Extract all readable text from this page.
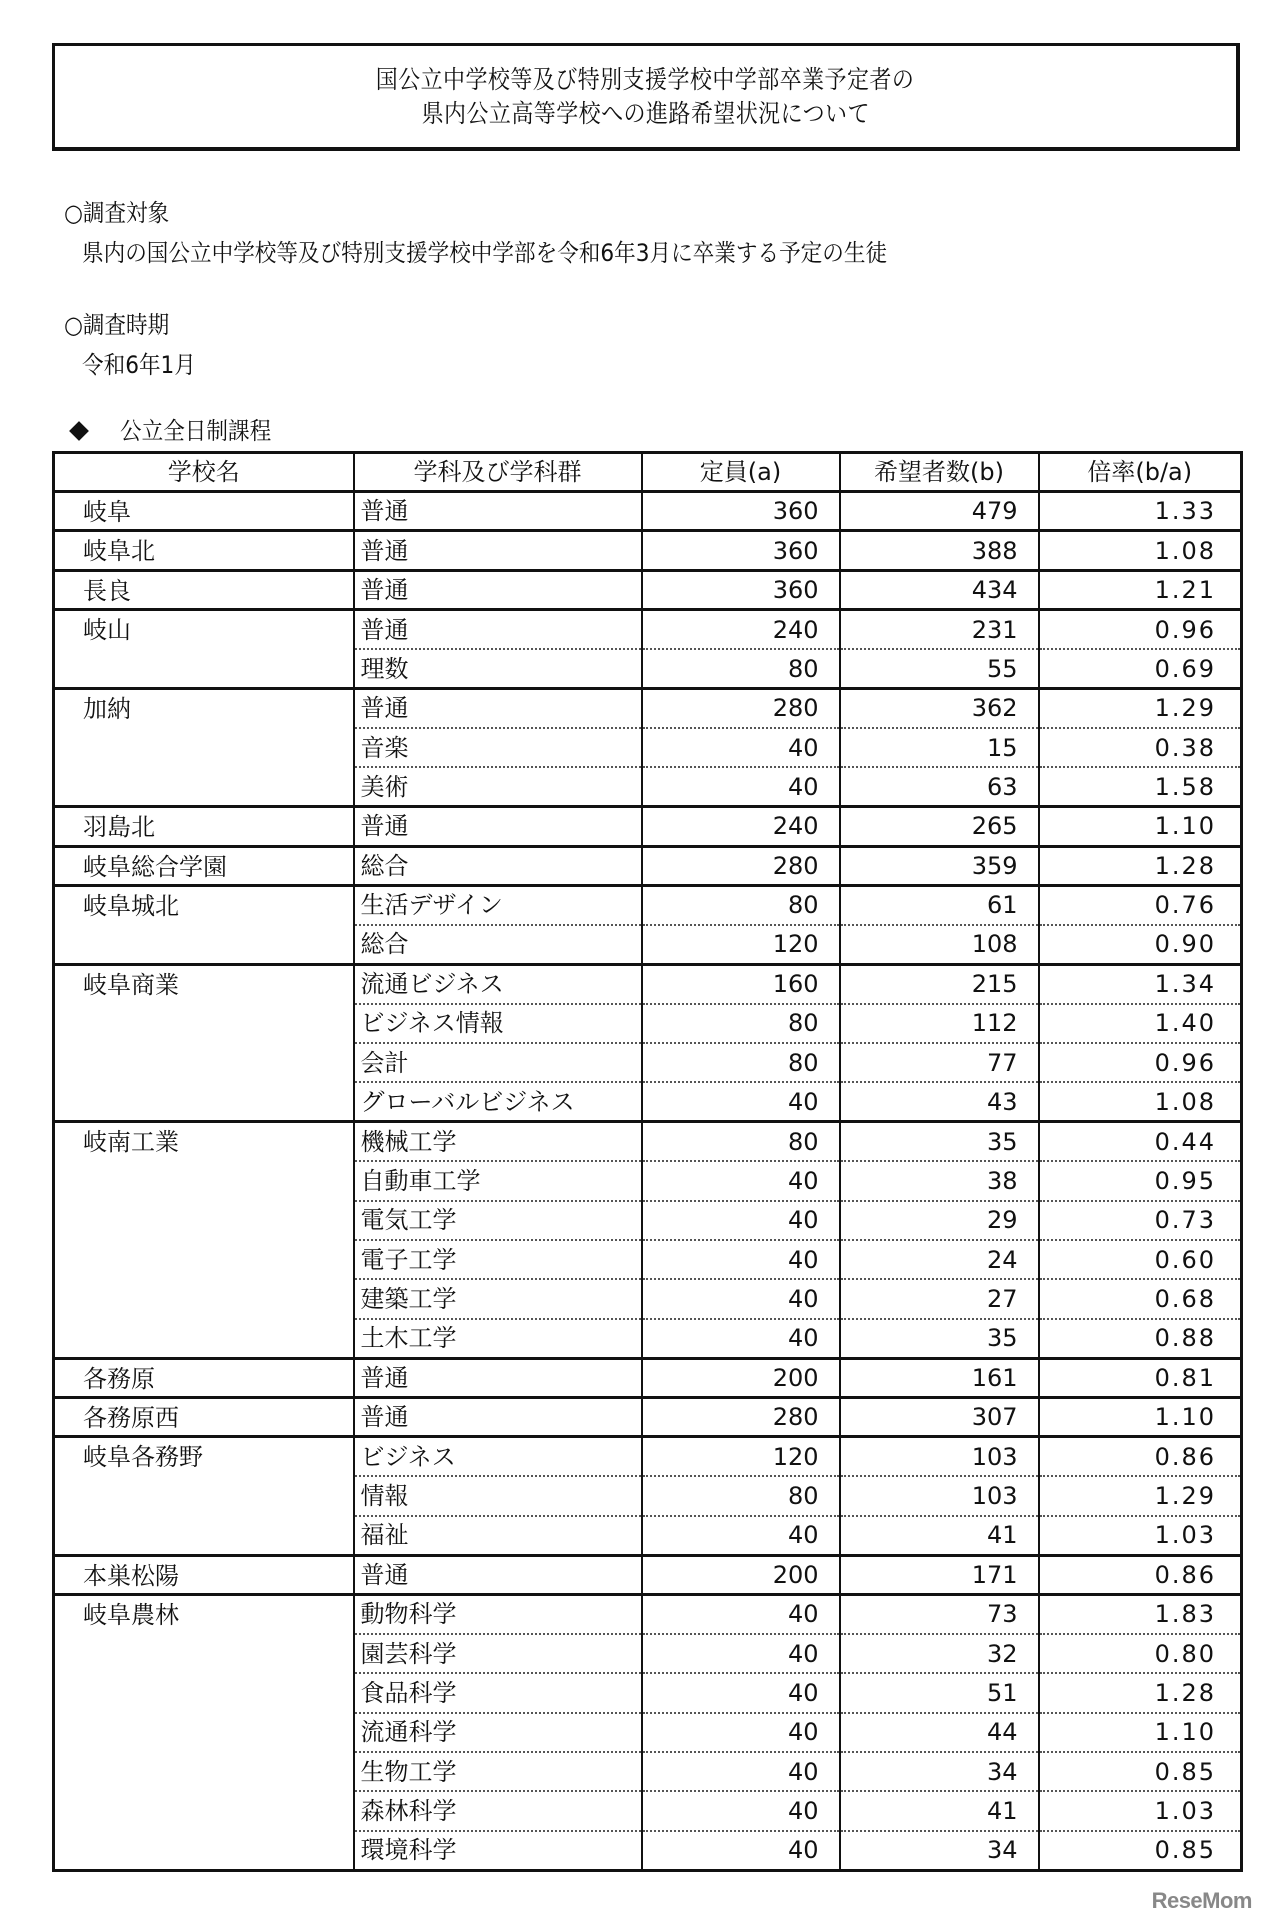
国公立中学校等及び特別支援学校中学部卒業予定者の
県内公立高等学校への進路希望状況について
○調査対象
県内の国公立中学校等及び特別支援学校中学部を令和6年3月に卒業する予定の生徒
○調査時期
令和6年1月
公立全日制課程
学校名	学科及び学科群	定員(a)	希望者数(b)	倍率(b/a)
岐阜	普通	360	479	1.33
岐阜北	普通	360	388	1.08
長良	普通	360	434	1.21
岐山	普通	240	231	0.96
	理数	80	55	0.69
加納	普通	280	362	1.29
	音楽	40	15	0.38
	美術	40	63	1.58
羽島北	普通	240	265	1.10
岐阜総合学園	総合	280	359	1.28
岐阜城北	生活デザイン	80	61	0.76
	総合	120	108	0.90
岐阜商業	流通ビジネス	160	215	1.34
	ビジネス情報	80	112	1.40
	会計	80	77	0.96
	グローバルビジネス	40	43	1.08
岐南工業	機械工学	80	35	0.44
	自動車工学	40	38	0.95
	電気工学	40	29	0.73
	電子工学	40	24	0.60
	建築工学	40	27	0.68
	土木工学	40	35	0.88
各務原	普通	200	161	0.81
各務原西	普通	280	307	1.10
岐阜各務野	ビジネス	120	103	0.86
	情報	80	103	1.29
	福祉	40	41	1.03
本巣松陽	普通	200	171	0.86
岐阜農林	動物科学	40	73	1.83
	園芸科学	40	32	0.80
	食品科学	40	51	1.28
	流通科学	40	44	1.10
	生物工学	40	34	0.85
	森林科学	40	41	1.03
	環境科学	40	34	0.85
ReseMom
